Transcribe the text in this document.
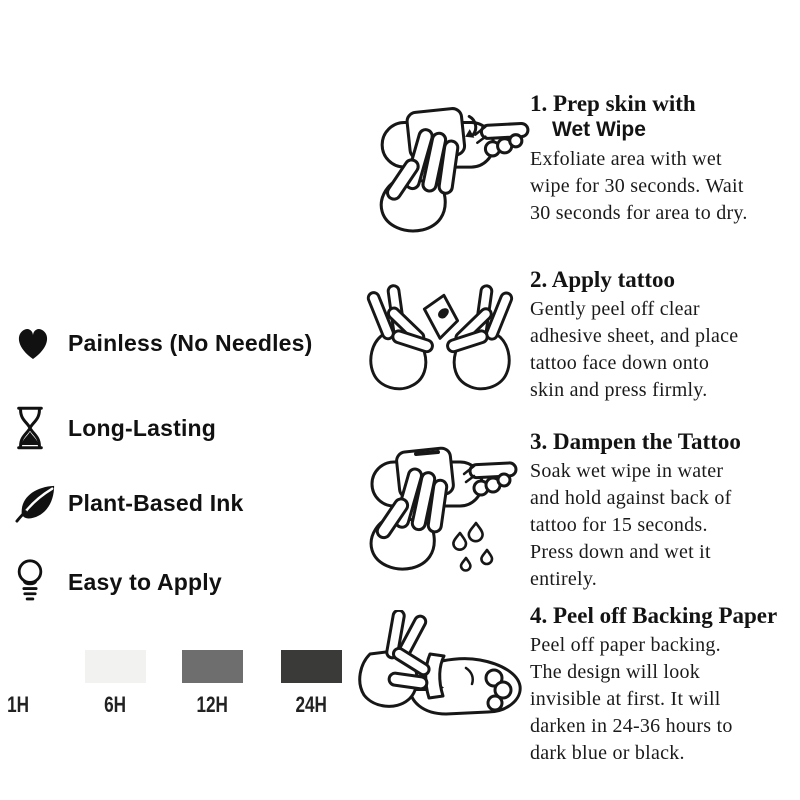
Painless (No Needles)
Long-Lasting
Plant-Based Ink
Easy to Apply
1H	6H	12H	24H
1. Prep skin with
Wet Wipe
Exfoliate area with wet
wipe for 30 seconds. Wait
30 seconds for area to dry.
2. Apply tattoo
Gently peel off clear
adhesive sheet, and place
tattoo face down onto
skin and press firmly.
3. Dampen the Tattoo
Soak wet wipe in water
and hold against back of
tattoo for 15 seconds.
Press down and wet it
entirely.
4. Peel off Backing Paper
Peel off paper backing.
The design will look
invisible at first. It will
darken in 24-36 hours to
dark blue or black.
